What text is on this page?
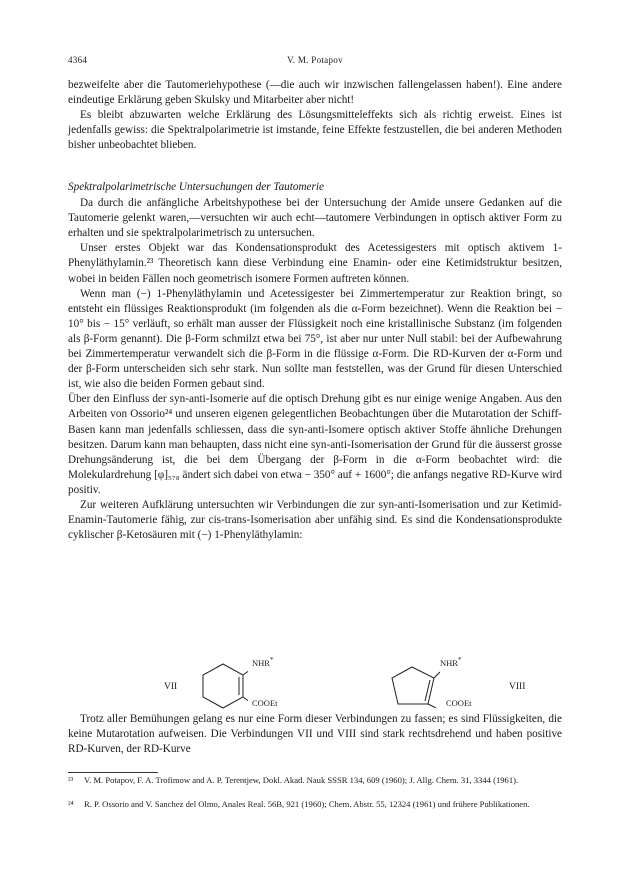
4364	V. M. Potapov

bezweifelte aber die Tautomeriehypothese (—die auch wir inzwischen fallengelassen haben!). Eine andere eindeutige Erklärung geben Skulsky und Mitarbeiter aber nicht!

Es bleibt abzuwarten welche Erklärung des Lösungsmitteleffekts sich als richtig erweist. Eines ist jedenfalls gewiss: die Spektralpolarimetrie ist imstande, feine Effekte festzustellen, die bei anderen Methoden bisher unbeobachtet blieben.

Spektralpolarimetrische Untersuchungen der Tautomerie

Da durch die anfängliche Arbeitshypothese bei der Untersuchung der Amide unsere Gedanken auf die Tautomerie gelenkt waren,—versuchten wir auch echt—tautomere Verbindungen in optisch aktiver Form zu erhalten und sie spektralpolarimetrisch zu untersuchen.

Unser erstes Objekt war das Kondensationsprodukt des Acetessigesters mit optisch aktivem 1-Phenyläthylamin.²³ Theoretisch kann diese Verbindung eine Enamin- oder eine Ketimidstruktur besitzen, wobei in beiden Fällen noch geometrisch isomere Formen auftreten können.

Wenn man (−) 1-Phenyläthylamin und Acetessigester bei Zimmertemperatur zur Reaktion bringt, so entsteht ein flüssiges Reaktionsprodukt (im folgenden als die α-Form bezeichnet). Wenn die Reaktion bei − 10° bis − 15° verläuft, so erhält man ausser der Flüssigkeit noch eine kristallinische Substanz (im folgenden als β-Form genannt). Die β-Form schmilzt etwa bei 75°, ist aber nur unter Null stabil: bei der Aufbewahrung bei Zimmertemperatur verwandelt sich die β-Form in die flüssige α-Form. Die RD-Kurven der α-Form und der β-Form unterscheiden sich sehr stark. Nun sollte man feststellen, was der Grund für diesen Unterschied ist, wie also die beiden Formen gebaut sind.

Über den Einfluss der syn-anti-Isomerie auf die optisch Drehung gibt es nur einige wenige Angaben. Aus den Arbeiten von Ossorio²⁴ und unseren eigenen gelegentlichen Beobachtungen über die Mutarotation der Schiff-Basen kann man jedenfalls schliessen, dass die syn-anti-Isomere optisch aktiver Stoffe ähnliche Drehungen besitzen. Darum kann man behaupten, dass nicht eine syn-anti-Isomerisation der Grund für die äusserst grosse Drehungsänderung ist, die bei dem Übergang der β-Form in die α-Form beobachtet wird: die Molekulardrehung [φ]₅₇₈ ändert sich dabei von etwa − 350° auf + 1600°; die anfangs negative RD-Kurve wird positiv.

Zur weiteren Aufklärung untersuchten wir Verbindungen die zur syn-anti-Isomerisation und zur Ketimid-Enamin-Tautomerie fähig, zur cis-trans-Isomerisation aber unfähig sind. Es sind die Kondensationsprodukte cyklischer β-Ketosäuren mit (−) 1-Phenyläthylamin:

VII
NHR*
COOEt
NHR*
COOEt
VIII

Trotz aller Bemühungen gelang es nur eine Form dieser Verbindungen zu fassen; es sind Flüssigkeiten, die keine Mutarotation aufweisen. Die Verbindungen VII und VIII sind stark rechtsdrehend und haben positive RD-Kurven, der RD-Kurve

²³ V. M. Potapov, F. A. Trofimow and A. P. Terentjew, Dokl. Akad. Nauk SSSR 134, 609 (1960); J. Allg. Chem. 31, 3344 (1961).
²⁴ R. P. Ossorio and V. Sanchez del Olmo, Anales Real. 56B, 921 (1960); Chem. Abstr. 55, 12324 (1961) und frühere Publikationen.
